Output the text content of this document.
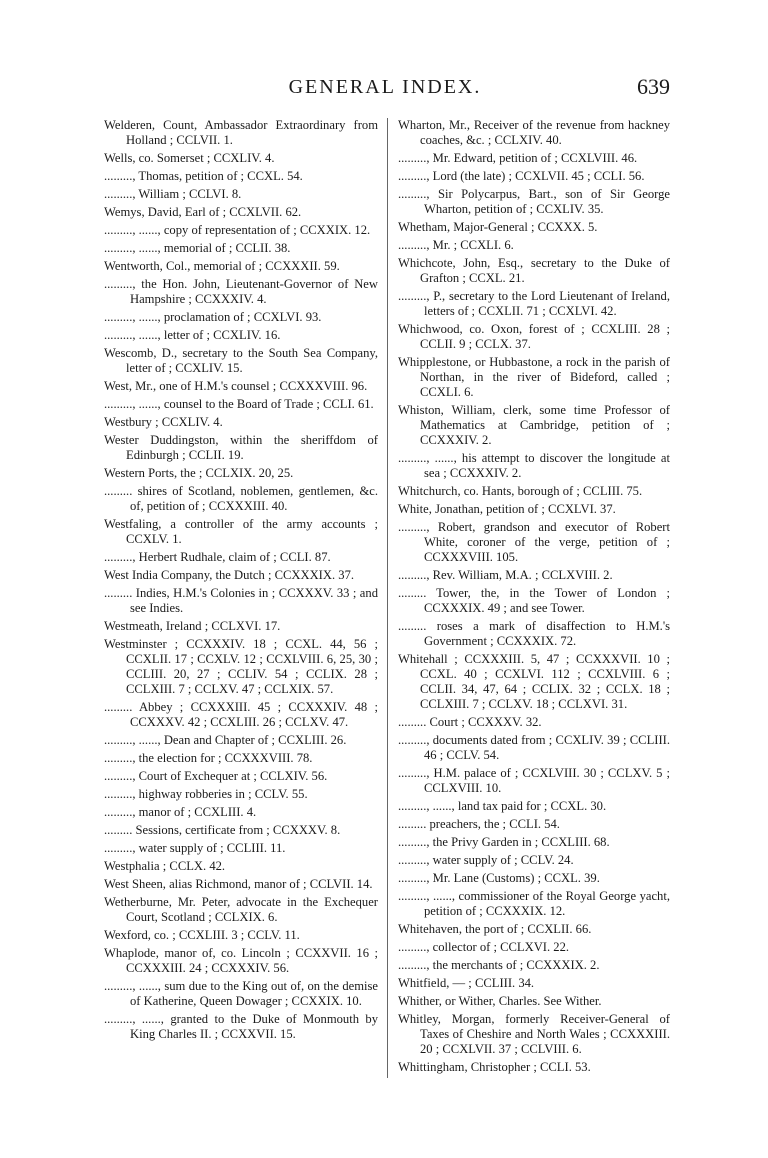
GENERAL INDEX.	639
Welderen, Count, Ambassador Extraordinary from Holland ; CCLVII. 1.
Wells, co. Somerset ; CCXLIV. 4.
........., Thomas, petition of ; CCXL. 54.
........., William ; CCLVI. 8.
Wemys, David, Earl of ; CCXLVII. 62.
........., ......, copy of representation of ; CCXXIX. 12.
........., ......, memorial of ; CCLII. 38.
Wentworth, Col., memorial of ; CCXXXII. 59.
........., the Hon. John, Lieutenant-Governor of New Hampshire ; CCXXXIV. 4.
........., ......, proclamation of ; CCXLVI. 93.
........., ......, letter of ; CCXLIV. 16.
Wescomb, D., secretary to the South Sea Company, letter of ; CCXLIV. 15.
West, Mr., one of H.M.'s counsel ; CCXXXVIII. 96.
........., ......, counsel to the Board of Trade ; CCLI. 61.
Westbury ; CCXLIV. 4.
Wester Duddingston, within the sheriffdom of Edinburgh ; CCLII. 19.
Western Ports, the ; CCLXIX. 20, 25.
......... shires of Scotland, noblemen, gentlemen, &c. of, petition of ; CCXXXIII. 40.
Westfaling, a controller of the army accounts ; CCXLV. 1.
........., Herbert Rudhale, claim of ; CCLI. 87.
West India Company, the Dutch ; CCXXXIX. 37.
......... Indies, H.M.'s Colonies in ; CCXXXV. 33 ; and see Indies.
Westmeath, Ireland ; CCLXVI. 17.
Westminster ; CCXXXIV. 18 ; CCXL. 44, 56 ; CCXLII. 17 ; CCXLV. 12 ; CCXLVIII. 6, 25, 30 ; CCLIII. 20, 27 ; CCLIV. 54 ; CCLIX. 28 ; CCLXIII. 7 ; CCLXV. 47 ; CCLXIX. 57.
......... Abbey ; CCXXXIII. 45 ; CCXXXIV. 48 ; CCXXXV. 42 ; CCXLIII. 26 ; CCLXV. 47.
........., ......, Dean and Chapter of ; CCXLIII. 26.
........., the election for ; CCXXXVIII. 78.
........., Court of Exchequer at ; CCLXIV. 56.
........., highway robberies in ; CCLV. 55.
........., manor of ; CCXLIII. 4.
......... Sessions, certificate from ; CCXXXV. 8.
........., water supply of ; CCLIII. 11.
Westphalia ; CCLX. 42.
West Sheen, alias Richmond, manor of ; CCLVII. 14.
Wetherburne, Mr. Peter, advocate in the Exchequer Court, Scotland ; CCLXIX. 6.
Wexford, co. ; CCXLIII. 3 ; CCLV. 11.
Whaplode, manor of, co. Lincoln ; CCXXVII. 16 ; CCXXXIII. 24 ; CCXXXIV. 56.
........., ......, sum due to the King out of, on the demise of Katherine, Queen Dowager ; CCXXIX. 10.
........., ......, granted to the Duke of Monmouth by King Charles II. ; CCXXVII. 15.
Wharton, Mr., Receiver of the revenue from hackney coaches, &c. ; CCLXIV. 40.
........., Mr. Edward, petition of ; CCXLVIII. 46.
........., Lord (the late) ; CCXLVII. 45 ; CCLI. 56.
........., Sir Polycarpus, Bart., son of Sir George Wharton, petition of ; CCXLIV. 35.
Whetham, Major-General ; CCXXX. 5.
........., Mr. ; CCXLI. 6.
Whichcote, John, Esq., secretary to the Duke of Grafton ; CCXL. 21.
........., P., secretary to the Lord Lieutenant of Ireland, letters of ; CCXLII. 71 ; CCXLVI. 42.
Whichwood, co. Oxon, forest of ; CCXLIII. 28 ; CCLII. 9 ; CCLX. 37.
Whipplestone, or Hubbastone, a rock in the parish of Northan, in the river of Bideford, called ; CCXLI. 6.
Whiston, William, clerk, some time Professor of Mathematics at Cambridge, petition of ; CCXXXIV. 2.
........., ......, his attempt to discover the longitude at sea ; CCXXXIV. 2.
Whitchurch, co. Hants, borough of ; CCLIII. 75.
White, Jonathan, petition of ; CCXLVI. 37.
........., Robert, grandson and executor of Robert White, coroner of the verge, petition of ; CCXXXVIII. 105.
........., Rev. William, M.A. ; CCLXVIII. 2.
......... Tower, the, in the Tower of London ; CCXXXIX. 49 ; and see Tower.
......... roses a mark of disaffection to H.M.'s Government ; CCXXXIX. 72.
Whitehall ; CCXXXIII. 5, 47 ; CCXXXVII. 10 ; CCXL. 40 ; CCXLVI. 112 ; CCXLVIII. 6 ; CCLII. 34, 47, 64 ; CCLIX. 32 ; CCLX. 18 ; CCLXIII. 7 ; CCLXV. 18 ; CCLXVI. 31.
......... Court ; CCXXXV. 32.
........., documents dated from ; CCXLIV. 39 ; CCLIII. 46 ; CCLV. 54.
........., H.M. palace of ; CCXLVIII. 30 ; CCLXV. 5 ; CCLXVIII. 10.
........., ......, land tax paid for ; CCXL. 30.
......... preachers, the ; CCLI. 54.
........., the Privy Garden in ; CCXLIII. 68.
........., water supply of ; CCLV. 24.
........., Mr. Lane (Customs) ; CCXL. 39.
........., ......, commissioner of the Royal George yacht, petition of ; CCXXXIX. 12.
Whitehaven, the port of ; CCXLII. 66.
........., collector of ; CCLXVI. 22.
........., the merchants of ; CCXXXIX. 2.
Whitfield, — ; CCLIII. 34.
Whither, or Wither, Charles. See Wither.
Whitley, Morgan, formerly Receiver-General of Taxes of Cheshire and North Wales ; CCXXXIII. 20 ; CCXLVII. 37 ; CCLVIII. 6.
Whittingham, Christopher ; CCLI. 53.
